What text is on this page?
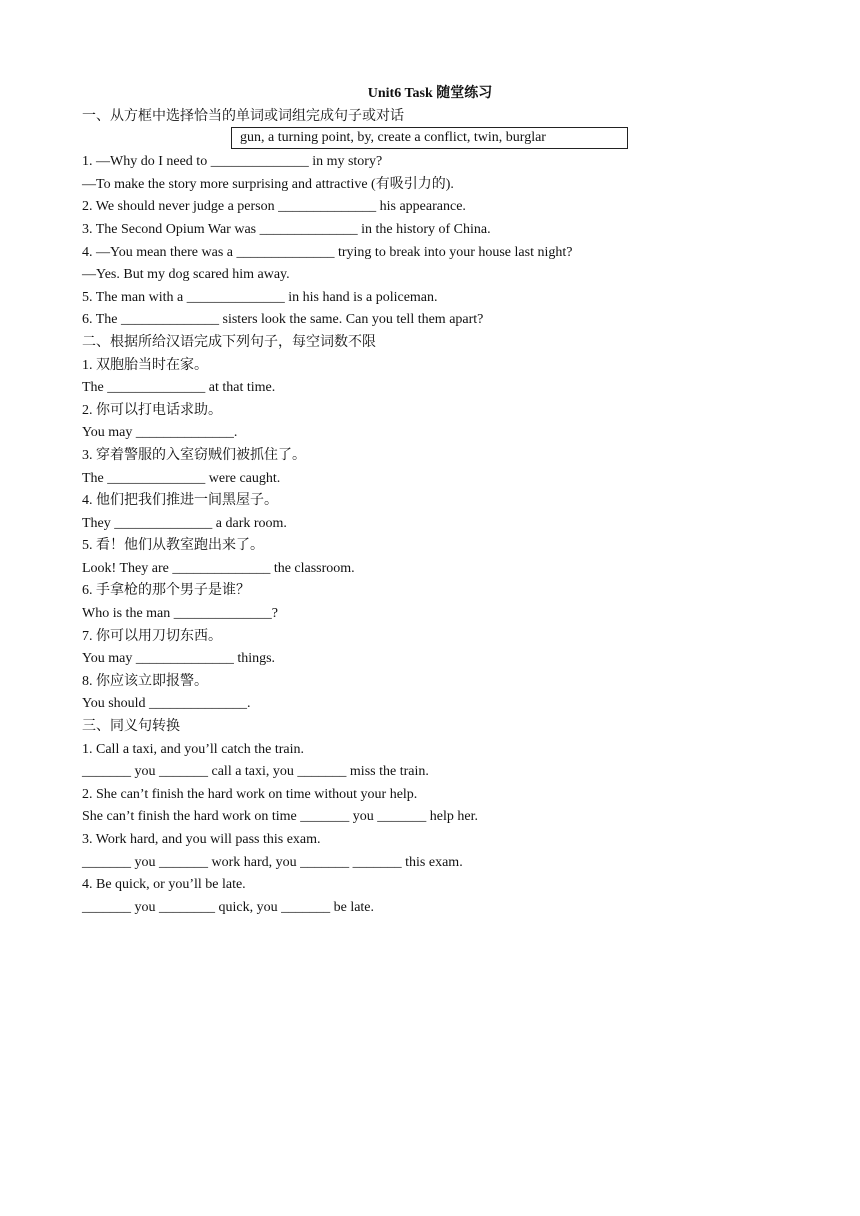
Unit6 Task 随堂练习
gun, a turning point, by, create a conflict, twin, burglar
一、从方框中选择恰当的单词或词组完成句子或对话
1. —Why do I need to ______________ in my story?
—To make the story more surprising and attractive (有吸引力的).
2. We should never judge a person ______________ his appearance.
3. The Second Opium War was ______________ in the history of China.
4. —You mean there was a ______________ trying to break into your house last night?
—Yes. But my dog scared him away.
5. The man with a ______________ in his hand is a policeman.
6. The ______________ sisters look the same. Can you tell them apart?
二、根据所给汉语完成下列句子，每空词数不限
1. 双胞胎当时在家。
The ______________ at that time.
2. 你可以打电话求助。
You may ______________.
3. 穿着警服的入室窃贼们被抓住了。
The ______________ were caught.
4. 他们把我们推进一间黑屋子。
They ______________ a dark room.
5. 看！他们从教室跑出来了。
Look! They are ______________ the classroom.
6. 手拿枪的那个男子是谁？
Who is the man ______________?
7. 你可以用刀切东西。
You may ______________ things.
8. 你应该立即报警。
You should ______________.
三、同义句转换
1. Call a taxi, and you’ll catch the train.
_______ you _______ call a taxi, you _______ miss the train.
2. She can’t finish the hard work on time without your help.
She can’t finish the hard work on time _______ you _______ help her.
3. Work hard, and you will pass this exam.
_______ you _______ work hard, you _______ _______ this exam.
4. Be quick, or you’ll be late.
_______ you ________ quick, you _______ be late.
